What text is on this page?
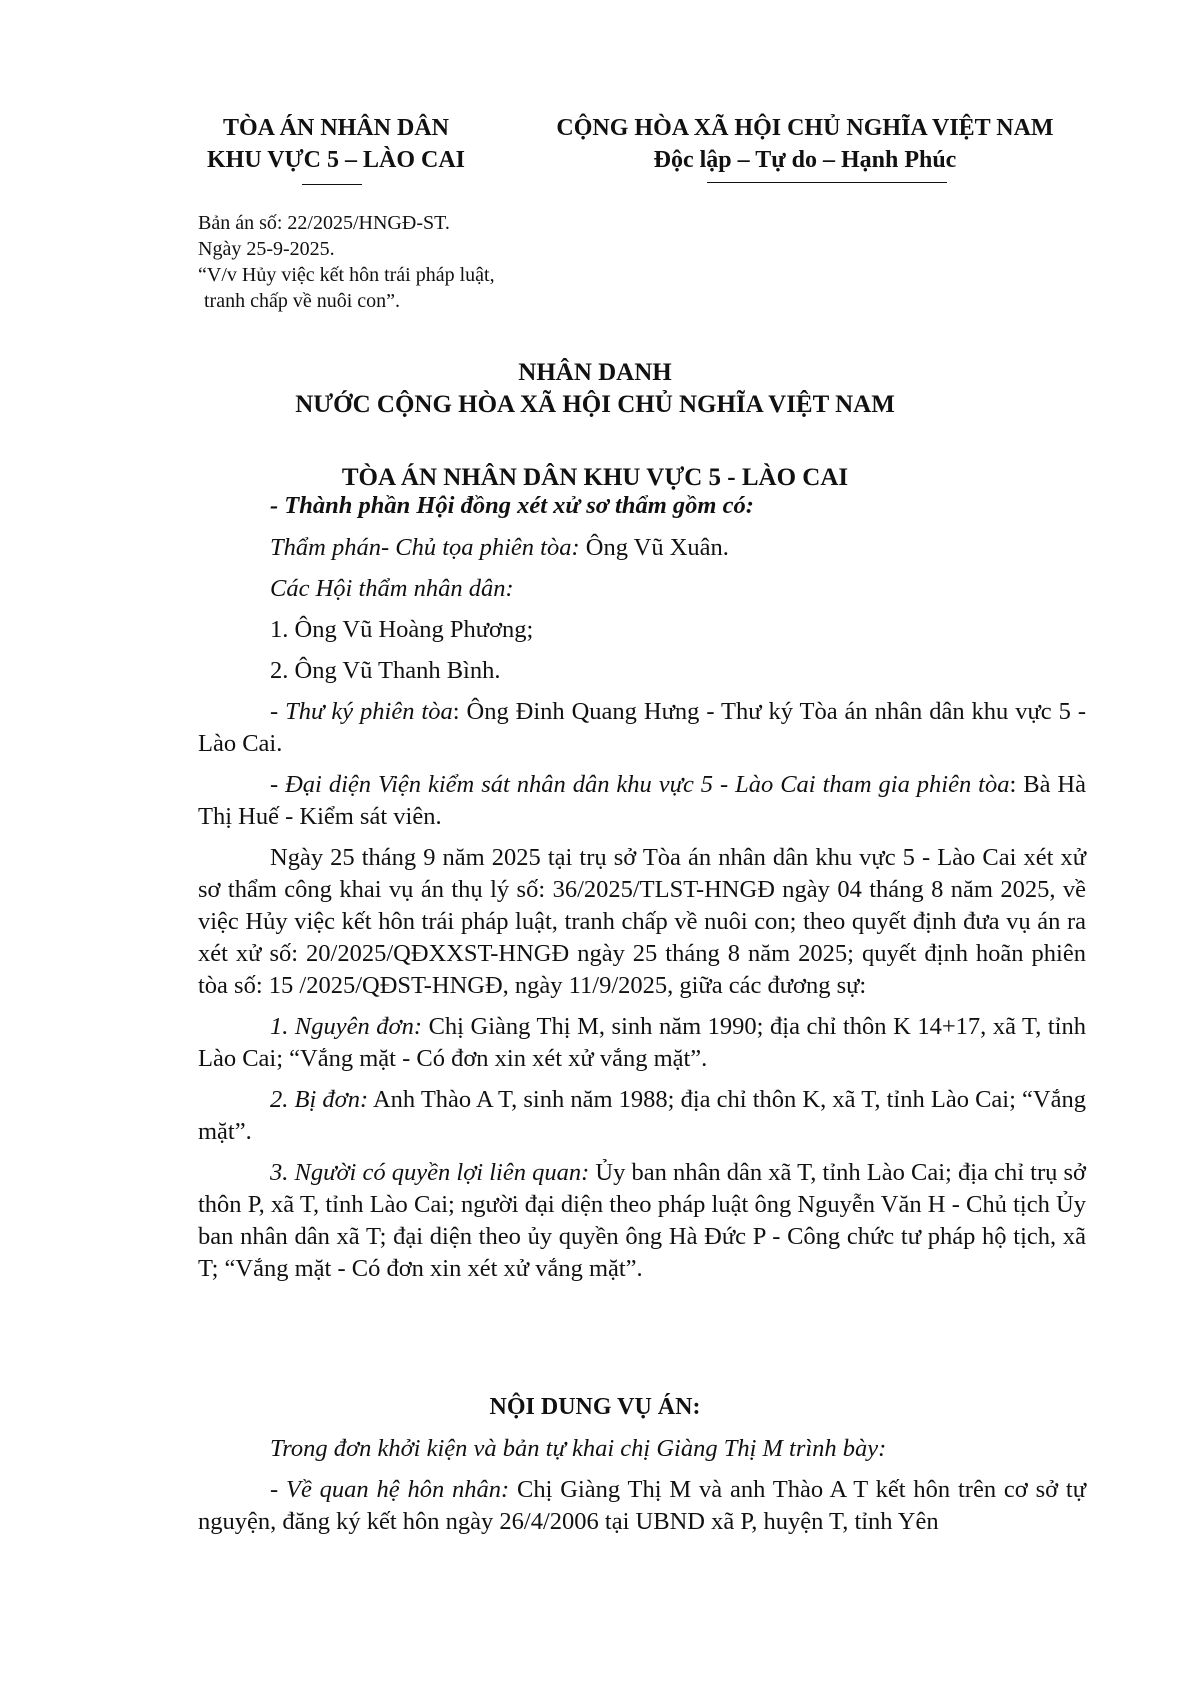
TÒA ÁN NHÂN DÂN
KHU VỰC 5 – LÀO CAI
CỘNG HÒA XÃ HỘI CHỦ NGHĨA VIỆT NAM
Độc lập – Tự do – Hạnh Phúc
Bản án số: 22/2025/HNGĐ-ST.
Ngày 25-9-2025.
“V/v Hủy việc kết hôn trái pháp luật,
tranh chấp về nuôi con”.
NHÂN DANH
NƯỚC CỘNG HÒA XÃ HỘI CHỦ NGHĨA VIỆT NAM
TÒA ÁN NHÂN DÂN KHU VỰC 5 - LÀO CAI

- Thành phần Hội đồng xét xử sơ thẩm gồm có:

Thẩm phán- Chủ tọa phiên tòa: Ông Vũ Xuân.

Các Hội thẩm nhân dân:

1. Ông Vũ Hoàng Phương;

2. Ông Vũ Thanh Bình.

- Thư ký phiên tòa: Ông Đinh Quang Hưng - Thư ký Tòa án nhân dân khu vực 5 - Lào Cai.

- Đại diện Viện kiểm sát nhân dân khu vực 5 - Lào Cai tham gia phiên tòa: Bà Hà Thị Huế - Kiểm sát viên.

Ngày 25 tháng 9 năm 2025 tại trụ sở Tòa án nhân dân khu vực 5 - Lào Cai xét xử sơ thẩm công khai vụ án thụ lý số: 36/2025/TLST-HNGĐ ngày 04 tháng 8 năm 2025, về việc Hủy việc kết hôn trái pháp luật, tranh chấp về nuôi con; theo quyết định đưa vụ án ra xét xử số: 20/2025/QĐXXST-HNGĐ ngày 25 tháng 8 năm 2025; quyết định hoãn phiên tòa số: 15 /2025/QĐST-HNGĐ, ngày 11/9/2025, giữa các đương sự:

1. Nguyên đơn: Chị Giàng Thị M, sinh năm 1990; địa chỉ thôn K 14+17, xã T, tỉnh Lào Cai; “Vắng mặt - Có đơn xin xét xử vắng mặt”.

2. Bị đơn: Anh Thào A T, sinh năm 1988; địa chỉ thôn K, xã T, tỉnh Lào Cai; “Vắng mặt”.

3. Người có quyền lợi liên quan: Ủy ban nhân dân xã T, tỉnh Lào Cai; địa chỉ trụ sở thôn P, xã T, tỉnh Lào Cai; người đại diện theo pháp luật ông Nguyễn Văn H - Chủ tịch Ủy ban nhân dân xã T; đại diện theo ủy quyền ông Hà Đức P - Công chức tư pháp hộ tịch, xã T; “Vắng mặt - Có đơn xin xét xử vắng mặt”.

NỘI DUNG VỤ ÁN:

Trong đơn khởi kiện và bản tự khai chị Giàng Thị M trình bày:

- Về quan hệ hôn nhân: Chị Giàng Thị M và anh Thào A T kết hôn trên cơ sở tự nguyện, đăng ký kết hôn ngày 26/4/2006 tại UBND xã P, huyện T, tỉnh Yên
